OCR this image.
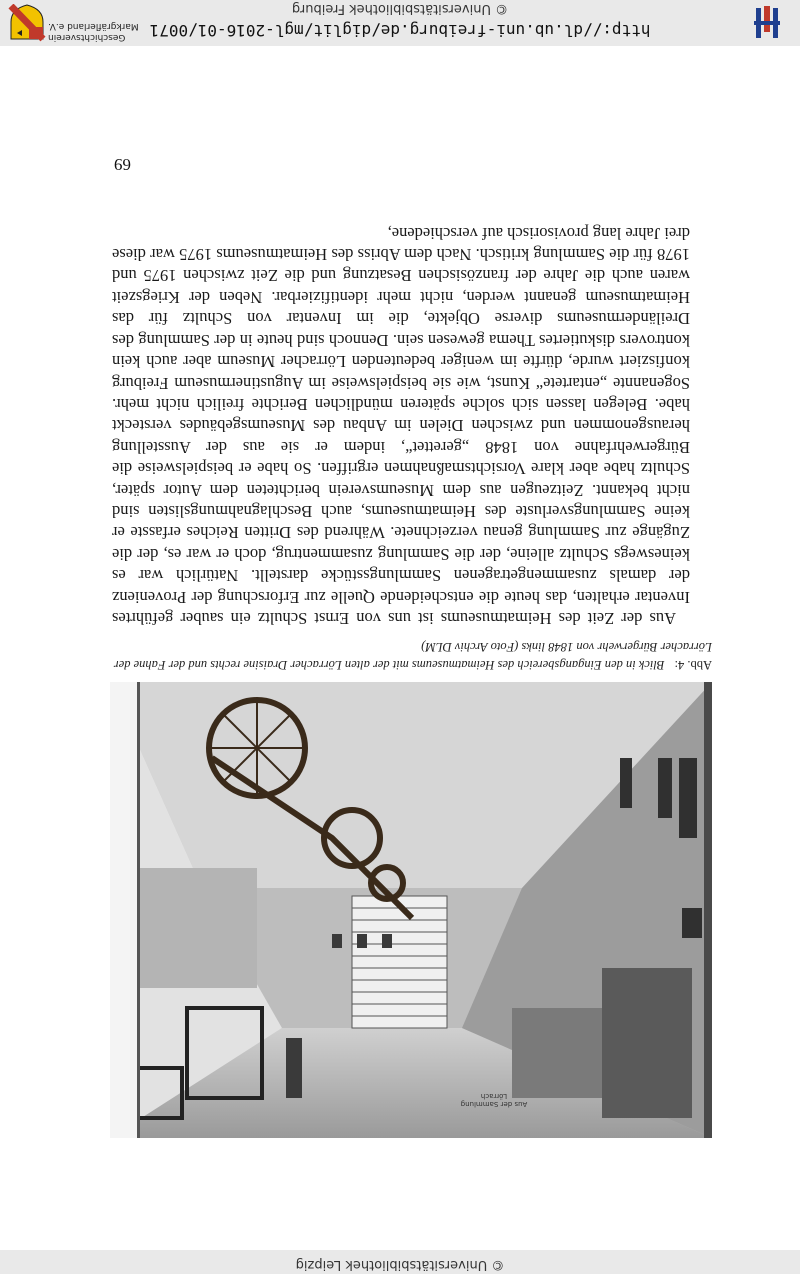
© Universitätsbibliothek Leipzig
Aus der Sammlung Lörrach
Abb. 4:Blick in den Eingangsbereich des Heimatmuseums mit der alten Lörracher Draisine rechts und der Fahne der Lörracher Bürgerwehr von 1848 links (Foto Archiv DLM)

Aus der Zeit des Heimatmuseums ist uns von Ernst Schultz ein sauber geführtes Inventar erhalten, das heute die entscheidende Quelle zur Erforschung der Provenienz der damals zusammengetragenen Sammlungsstücke darstellt. Natürlich war es keineswegs Schultz alleine, der die Sammlung zusammentrug, doch er war es, der die Zugänge zur Sammlung genau verzeichnete. Während des Dritten Reiches erfasste er keine Sammlungsverluste des Heimatmuseums, auch Beschlagnahmungslisten sind nicht bekannt. Zeitzeugen aus dem Museumsverein berichteten dem Autor später, Schultz habe aber klare Vorsichtsmaßnahmen ergriffen. So habe er beispielsweise die Bürgerwehrfahne von 1848 „gerettet“, indem er sie aus der Ausstellung herausgenommen und zwischen Dielen im Anbau des Museumsgebäudes versteckt habe. Belegen lassen sich solche späteren mündlichen Berichte freilich nicht mehr. Sogenannte „entartete“ Kunst, wie sie beispielsweise im Augustinermuseum Freiburg konfisziert wurde, dürfte im weniger bedeutenden Lörracher Museum aber auch kein kontrovers diskutiertes Thema gewesen sein. Dennoch sind heute in der Sammlung des Dreiländermuseums diverse Objekte, die im Inventar von Schultz für das Heimatmuseum genannt werden, nicht mehr identifizierbar. Neben der Kriegszeit waren auch die Jahre der französischen Besatzung und die Zeit zwischen 1975 und 1978 für die Sammlung kritisch. Nach dem Abriss des Heimatmuseums 1975 war diese drei Jahre lang provisorisch auf verschiedene,

69
http://dl.ub.uni-freiburg.de/diglit/mgl-2016-01/0071
© Universitätsbibliothek Freiburg
Geschichtsverein
Markgräflerland e.V.
